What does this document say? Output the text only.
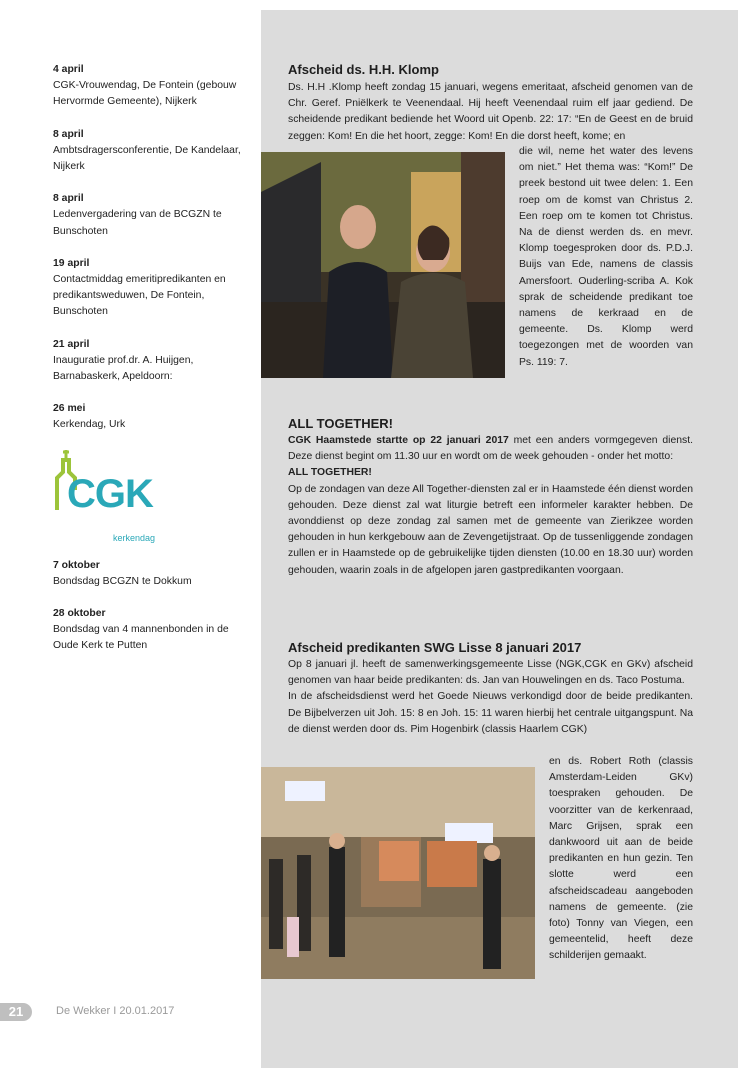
4 april
CGK-Vrouwendag, De Fontein (gebouw Hervormde Gemeente), Nijkerk
8 april
Ambtsdragersconferentie, De Kandelaar, Nijkerk
8 april
Ledenvergadering van de BCGZN te Bunschoten
19 april
Contactmiddag emeritipredikanten en predikantsweduwen, De Fontein, Bunschoten
21 april
Inauguratie prof.dr. A. Huijgen, Barnabaskerk, Apeldoorn:
26 mei
Kerkendag, Urk
CGK
kerkendag
7 oktober
Bondsdag BCGZN te Dokkum
28 oktober
Bondsdag van 4 mannenbonden in de Oude Kerk te Putten
Afscheid ds. H.H. Klomp

Ds. H.H .Klomp heeft zondag 15 januari, wegens emeritaat, afscheid genomen van de Chr. Geref. Pniëlkerk te Veenendaal. Hij heeft Veenendaal ruim elf jaar gediend. De scheidende predikant bediende het Woord uit Openb. 22: 17: “En de Geest en de bruid zeggen: Kom! En die het hoort, zegge: Kom! En die dorst heeft, kome; en

die wil, neme het water des levens om niet.” Het thema was: “Kom!” De preek bestond uit twee delen: 1. Een roep om de komst van Christus 2. Een roep om te komen tot Christus. Na de dienst werden ds. en mevr. Klomp toegesproken door ds. P.D.J. Buijs van Ede, namens de classis Amersfoort. Ouderling-scriba A. Kok sprak de scheidende predikant toe namens de kerkraad en de gemeente. Ds. Klomp werd toegezongen met de woorden van Ps. 119: 7.
ALL TOGETHER!

CGK Haamstede startte op 22 januari 2017 met een anders vormgegeven dienst. Deze dienst begint om 11.30 uur en wordt om de week gehouden - onder het motto:

ALL TOGETHER!

Op de zondagen van deze All Together-diensten zal er in Haamstede één dienst worden gehouden. Deze dienst zal wat liturgie betreft een informeler karakter hebben. De avonddienst op deze zondag zal samen met de gemeente van Zierikzee worden gehouden in hun kerkgebouw aan de Zevengetijstraat. Op de tussenliggende zondagen zullen er in Haamstede op de gebruikelijke tijden diensten (10.00 en 18.30 uur) worden gehouden, waarin zoals in de afgelopen jaren gastpredikanten voorgaan.

Afscheid predikanten SWG Lisse 8 januari 2017

Op 8 januari jl. heeft de samenwerkingsgemeente Lisse (NGK,CGK en GKv) afscheid genomen van haar beide predikanten: ds. Jan van Houwelingen en ds. Taco Postuma.

In de afscheidsdienst werd het Goede Nieuws verkondigd door de beide predikanten. De Bijbelverzen uit Joh. 15: 8 en Joh. 15: 11 waren hierbij het centrale uitgangspunt. Na de dienst werden door ds. Pim Hogenbirk (classis Haarlem CGK)

en ds. Robert Roth (classis Amsterdam-Leiden GKv) toespraken gehouden. De voorzitter van de kerkenraad, Marc Grijsen, sprak een dankwoord uit aan de beide predikanten en hun gezin. Ten slotte werd een afscheidscadeau aangeboden namens de gemeente. (zie foto) Tonny van Viegen, een gemeentelid, heeft deze schilderijen gemaakt.
21	De Wekker I 20.01.2017
